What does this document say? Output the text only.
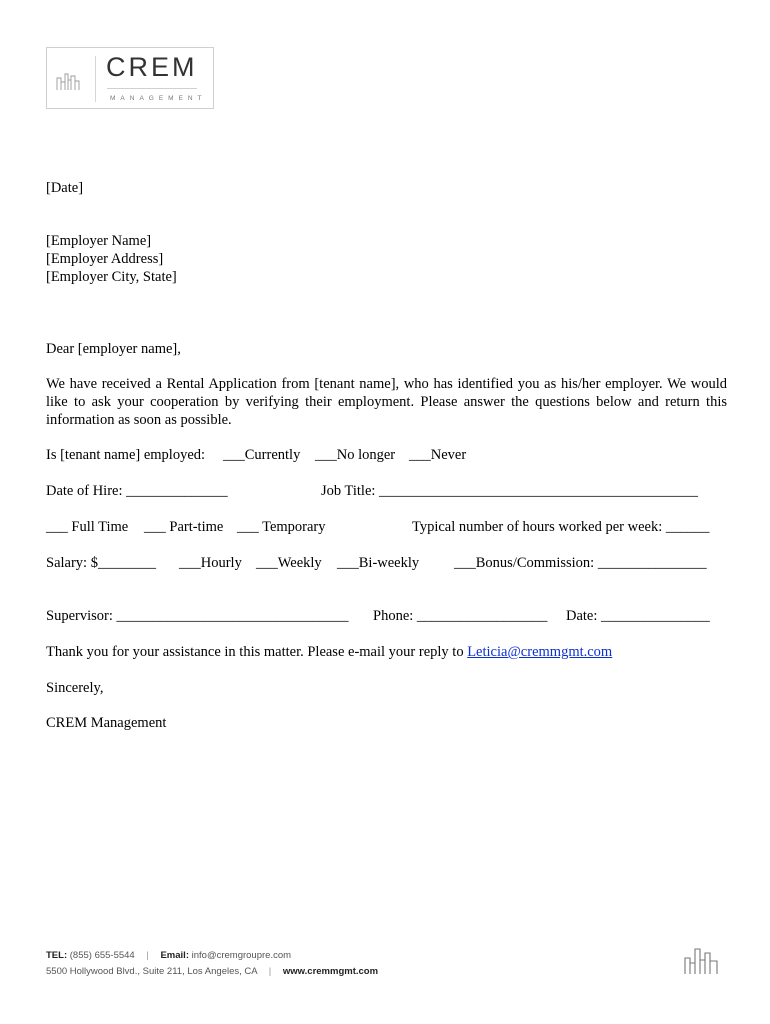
CREM
MANAGEMENT
[Date]
[Employer Name]
[Employer Address]
[Employer City, State]
Dear [employer name],
We have received a Rental Application from [tenant name], who has identified you as his/her employer. We would like to ask your cooperation by verifying their employment. Please answer the questions below and return this information as soon as possible.
Is [tenant name] employed: ___Currently ___No longer ___Never
Date of Hire: ______________	Job Title: ____________________________________________
___ Full Time ___ Part-time ___ Temporary	Typical number of hours worked per week: ______
Salary: $________ ___Hourly ___Weekly ___Bi-weekly ___Bonus/Commission: _______________
Supervisor: ________________________________ Phone: __________________ Date: _______________
Thank you for your assistance in this matter. Please e-mail your reply to Leticia@cremmgmt.com
Sincerely,
CREM Management
TEL: (855) 655-5544 | Email: info@cremgroupre.com
5500 Hollywood Blvd., Suite 211, Los Angeles, CA | www.cremmgmt.com
